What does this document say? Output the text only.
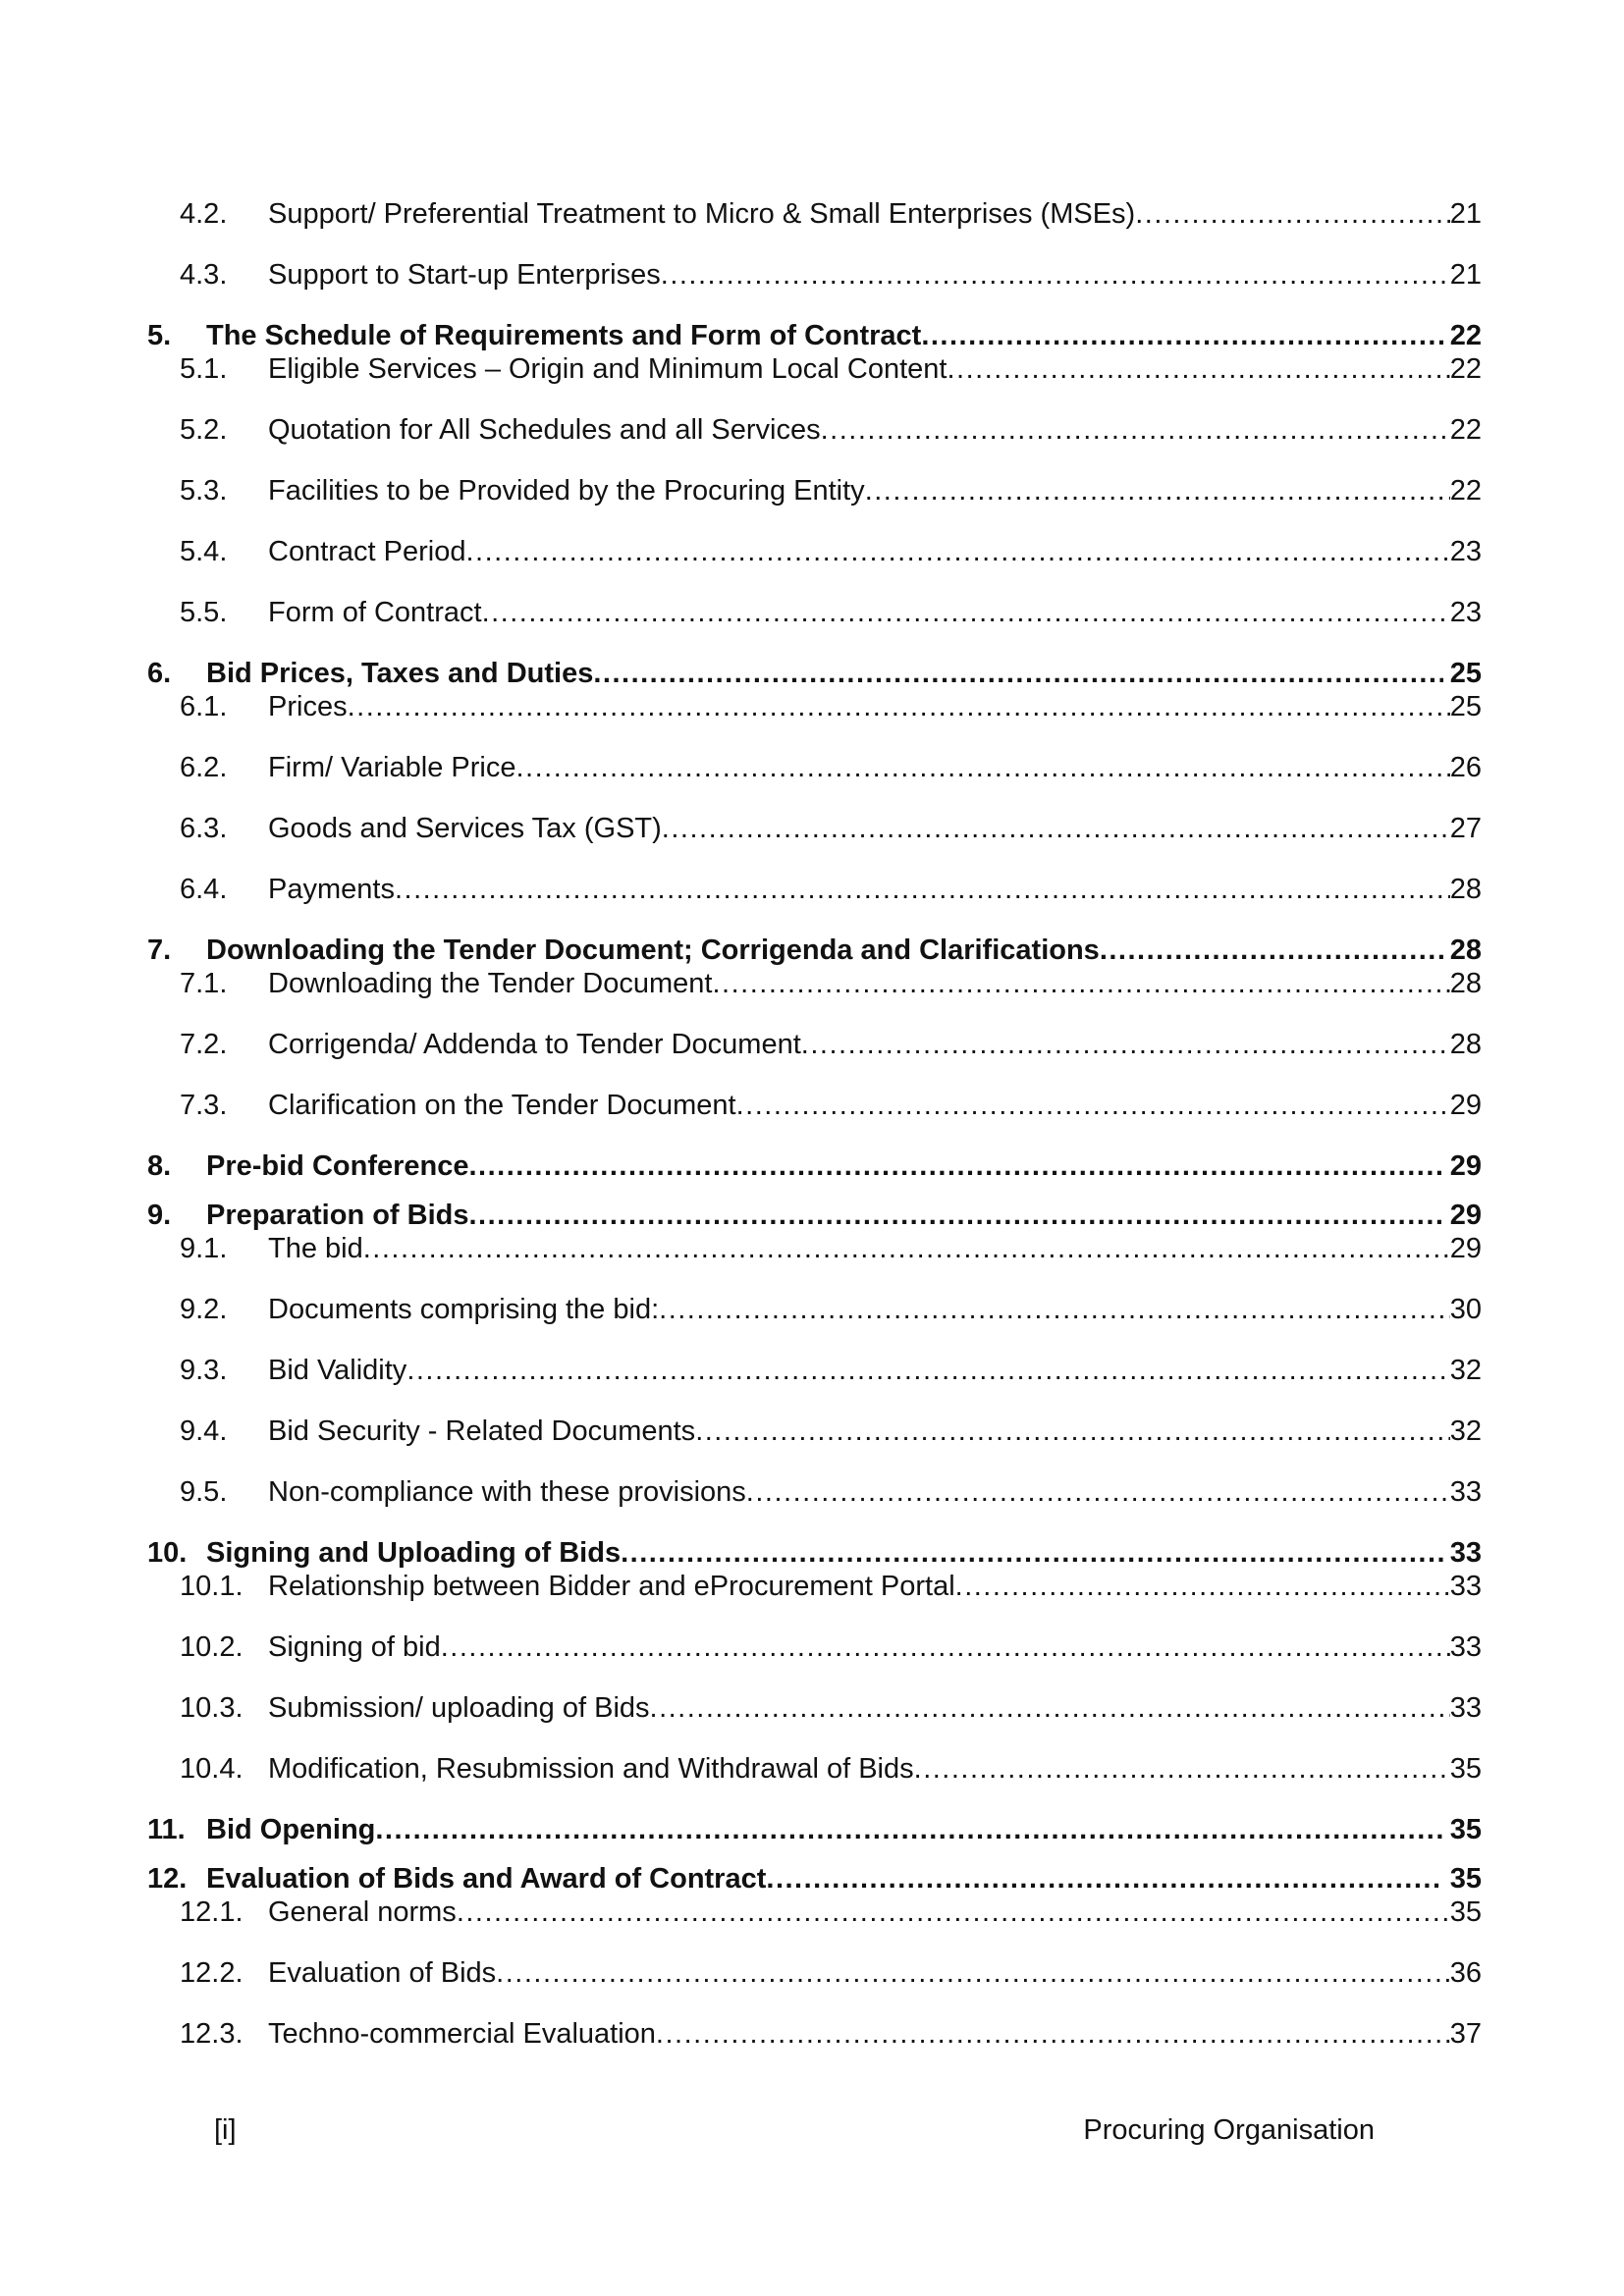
4.2.	Support/ Preferential Treatment to Micro & Small Enterprises (MSEs) .....	21
4.3.	Support to Start-up Enterprises .....	21
5.	The Schedule of Requirements and Form of Contract .....	22
5.1.	Eligible Services – Origin and Minimum Local Content .....	22
5.2.	Quotation for All Schedules and all Services .....	22
5.3.	Facilities to be Provided by the Procuring Entity .....	22
5.4.	Contract Period .....	23
5.5.	Form of Contract .....	23
6.	Bid Prices, Taxes and Duties .....	25
6.1.	Prices .....	25
6.2.	Firm/ Variable Price .....	26
6.3.	Goods and Services Tax (GST) .....	27
6.4.	Payments .....	28
7.	Downloading the Tender Document; Corrigenda and Clarifications .....	28
7.1.	Downloading the Tender Document .....	28
7.2.	Corrigenda/ Addenda to Tender Document .....	28
7.3.	Clarification on the Tender Document .....	29
8.	Pre-bid Conference .....	29
9.	Preparation of Bids .....	29
9.1.	The bid .....	29
9.2.	Documents comprising the bid: .....	30
9.3.	Bid Validity .....	32
9.4.	Bid Security - Related Documents .....	32
9.5.	Non-compliance with these provisions .....	33
10. Signing and Uploading of Bids .....	33
10.1. Relationship between Bidder and eProcurement Portal .....	33
10.2. Signing of bid .....	33
10.3. Submission/ uploading of Bids .....	33
10.4. Modification, Resubmission and Withdrawal of Bids .....	35
11. Bid Opening .....	35
12. Evaluation of Bids and Award of Contract .....	35
12.1. General norms .....	35
12.2. Evaluation of Bids .....	36
12.3. Techno-commercial Evaluation .....	37
[i]	Procuring Organisation
